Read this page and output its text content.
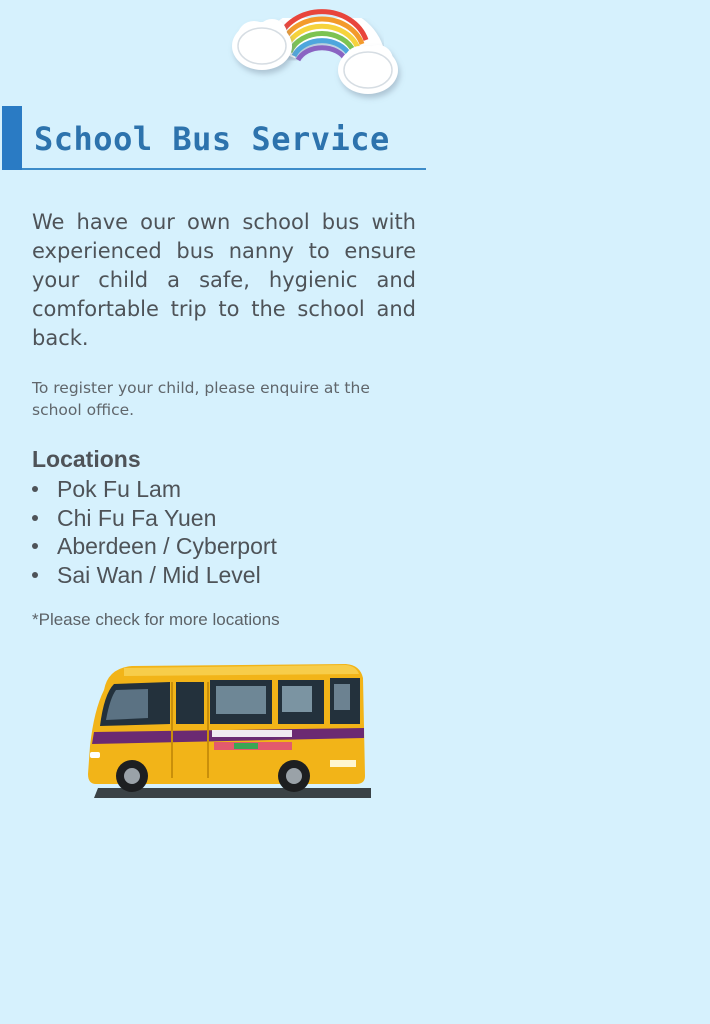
School Bus Service

We have our own school bus with experienced bus nanny to ensure your child a safe, hygienic and comfortable trip to the school and back.

To register your child, please enquire at the school office.

Locations
Pok Fu Lam
Chi Fu Fa Yuen
Aberdeen / Cyberport
Sai Wan / Mid Level

*Please check for more locations
